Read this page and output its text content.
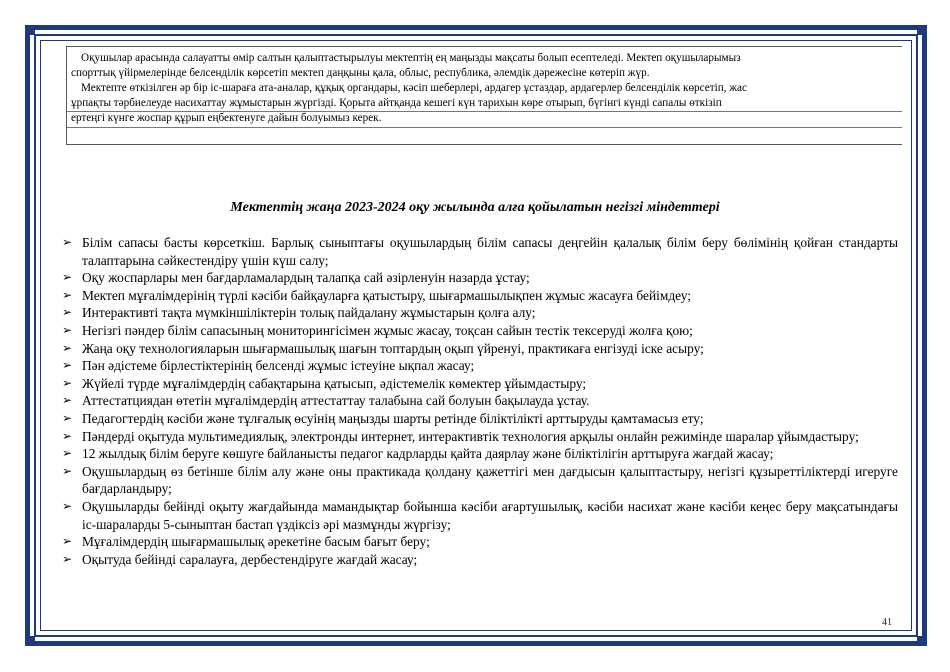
Оқушылар арасында салауатты өмір салтын қалыптастырылуы мектептің ең маңызды мақсаты болып есептеледі. Мектеп оқушыларымыз

спорттық үйірмелерінде белсенділік көрсетіп мектеп даңқыны қала, облыс, республика, әлемдік дәрежесіне көтеріп жүр.

Мектепте өткізілген әр бір іс-шараға ата-аналар, құқық органдары, кәсіп шеберлері, ардагер ұстаздар, ардагерлер белсенділік көрсетіп, жас

ұрпақты тәрбиелеуде насихаттау жұмыстарын жүргізді. Қорыта айтқанда кешегі күн тарихын көре отырып, бүгінгі күнді сапалы өткізіп

ертеңгі күнге жоспар құрып еңбектенуге дайын болуымыз керек.

Мектептің жаңа 2023-2024 оқу жылында алға қойылатын негізгі міндеттері
➢ Білім сапасы басты көрсеткіш. Барлық сыныптағы оқушылардың білім сапасы деңгейін қалалық білім беру бөлімінің қойған стандарты талаптарына сәйкестендіру үшін күш салу;
➢ Оқу жоспарлары мен бағдарламалардың талапқа сай әзірленуін назарда ұстау;
➢ Мектеп мұғалімдерінің түрлі кәсіби байқауларға қатыстыру, шығармашылықпен жұмыс жасауға бейімдеу;
➢ Интерактивті тақта мүмкіншіліктерін толық пайдалану жұмыстарын қолға алу;
➢ Негізгі пәндер білім сапасының мониторингісімен жұмыс жасау, тоқсан сайын тестік тексеруді жолға қою;
➢ Жаңа оқу технологияларын шығармашылық шағын топтардың оқып үйренуі, практикаға енгізуді іске асыру;
➢ Пән әдістеме бірлестіктерінің белсенді жұмыс істеуіне ықпал жасау;
➢ Жүйелі түрде мұғалімдердің сабақтарына қатысып, әдістемелік көмектер ұйымдастыру;
➢ Аттестатциядан өтетін мұғалімдердің аттестаттау талабына сай болуын бақылауда ұстау.
➢ Педагогтердің кәсіби және тұлғалық өсуінің маңызды шарты ретінде біліктілікті арттыруды қамтамасыз ету;
➢ Пәндерді оқытуда мультимедиялық, электронды интернет, интерактивтік технология арқылы онлайн режимінде шаралар ұйымдастыру;
➢ 12 жылдық білім беруге көшуге байланысты педагог кадрларды қайта даярлау және біліктілігін арттыруға жағдай жасау;
➢ Оқушылардың өз бетінше білім алу және оны практикада қолдану қажеттігі мен дағдысын қалыптастыру, негізгі құзыреттіліктерді игеруге бағдарландыру;
➢ Оқушыларды бейінді оқыту жағдайында мамандықтар бойынша кәсіби ағартушылық, кәсіби насихат және кәсіби кеңес беру мақсатындағы іс-шараларды 5-сыныптан бастап үздіксіз әрі мазмұнды жүргізу;
➢ Мұғалімдердің шығармашылық әрекетіне басым бағыт беру;
➢ Оқытуда бейінді саралауға, дербестендіруге жағдай жасау;
41
